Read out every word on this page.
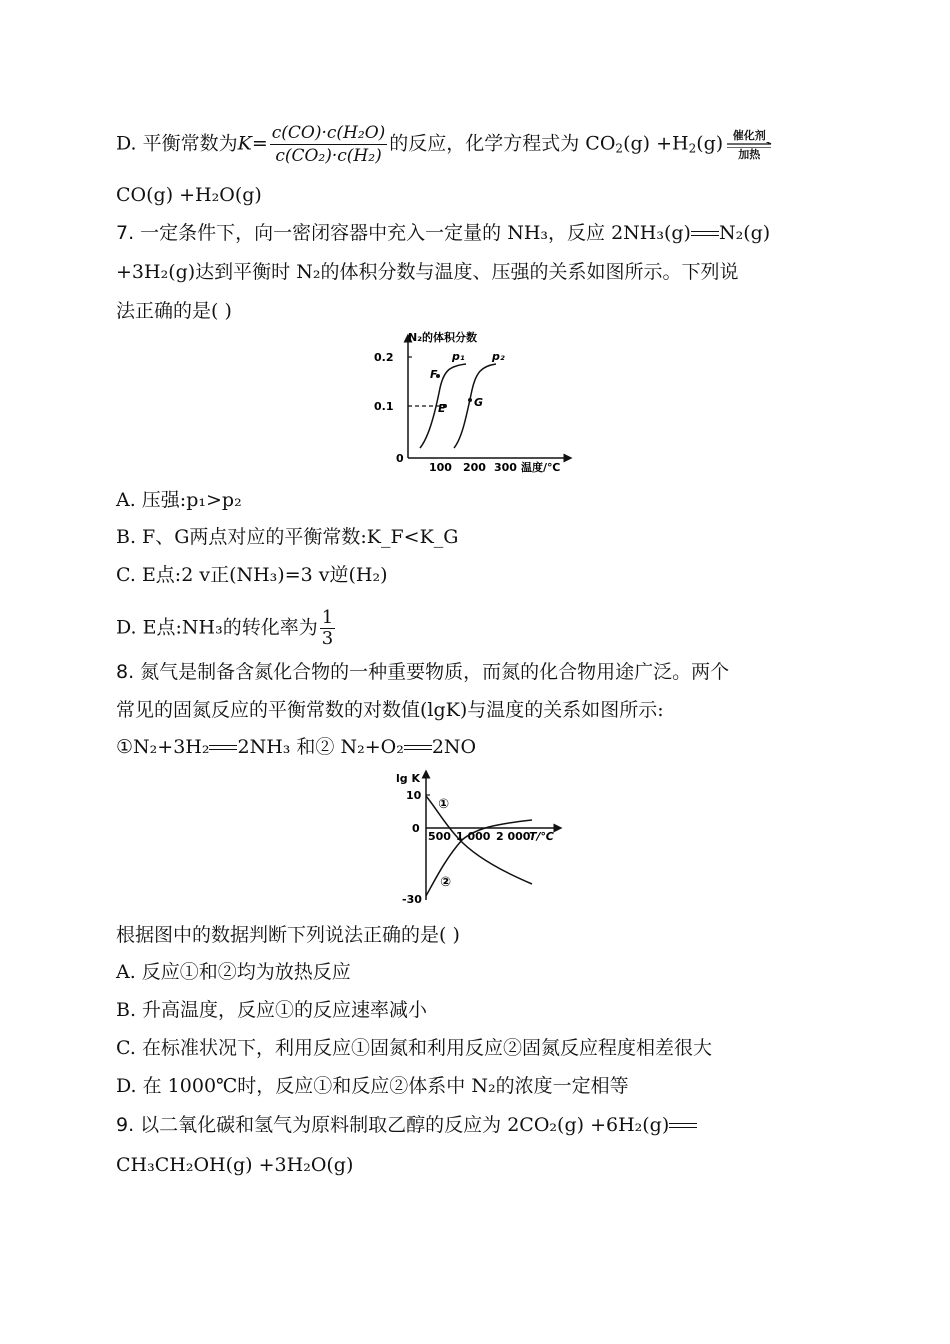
D. 平衡常数为$K= \frac{\text{c(CO)·c(H₂O)}}{\text{c(CO₂)·c(H₂)}}$ 的反应，化学方程式为 $CO_2(g) +H_2(g)$ 催化剂
加热
CO(g) +H₂O(g)
7. 一定条件下，向一密闭容器中充入一定量的 NH₃，反应 2NH₃(g) N₂(g)
+3H₂(g)达到平衡时 N₂的体积分数与温度、压强的关系如图所示。下列说
法正确的是( )
N₂的体积分数
0.2
0.1
0
100 200 300 温度/℃
p₁ p₂
F
E	G
A. 压强:p₁>p₂
B. F、G两点对应的平衡常数:K_F<K_G
C. E点:2 v正(NH₃)=3 v逆(H₂)
D. E点:NH₃的转化率为 $\frac{1}{3}$
8. 氮气是制备含氮化合物的一种重要物质，而氮的化合物用途广泛。两个
常见的固氮反应的平衡常数的对数值(lgK)与温度的关系如图所示:
①N₂+3H₂ 2NH₃ 和② N₂+O₂ 2NO
lg K
10
0
-30
500 1 000 2 000
T/℃
①
②
根据图中的数据判断下列说法正确的是( )
A. 反应①和②均为放热反应
B. 升高温度，反应①的反应速率减小
C. 在标准状况下，利用反应①固氮和利用反应②固氮反应程度相差很大
D. 在 1000℃时，反应①和反应②体系中 N₂的浓度一定相等
9. 以二氧化碳和氢气为原料制取乙醇的反应为 2CO₂(g) +6H₂(g)
CH₃CH₂OH(g) +3H₂O(g)
